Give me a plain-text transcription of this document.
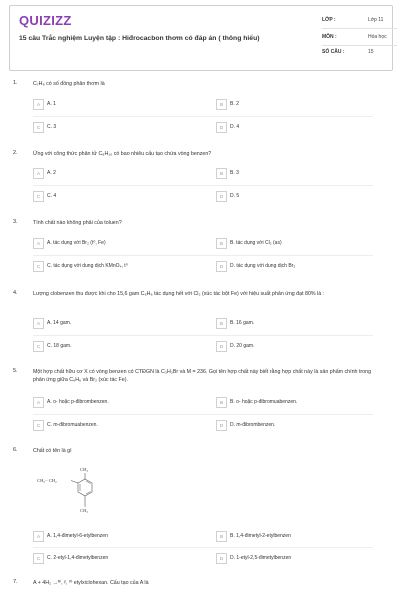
QUIZIZZ
15 câu Trắc nghiệm Luyện tập : Hiđrocacbon thơm có đáp án ( thông hiểu)
LỚP :	Lớp 11
MÔN :	Hóa học
SỐ CÂU :	15
1.	C₇H₈ có số đồng phân thơm là
A	A. 1	B	B. 2
C	C. 3	D	D. 4
2.	Ứng với công thức phân tử C₈H₁₀ có bao nhiêu cấu tạo chứa vòng benzen?
A	A. 2	B	B. 3
C	C. 4	D	D. 5
3.	Tính chất nào không phải của toluen?
A	A. tác dụng với Br₂ (t⁰, Fe)	B	B. tác dụng với Cl₂ (as)
C	C. tác dụng với dung dịch KMnO₄, t⁰	D	D. tác dụng với dung dịch Br₂
4.	Lượng clobenzen thu được khi cho 15,6 gam C₆H₆ tác dụng hết với Cl₂ (xúc tác bột Fe) với hiệu suất phản ứng đạt 80% là :
A	A. 14 gam.	B	B. 16 gam.
C	C. 18 gam.	D	D. 20 gam.
5.	Một hợp chất hữu cơ X có vòng benzen có CTĐGN là C₃H₂Br và M = 236. Gọi tên hợp chất này biết rằng hợp chất này là sản phẩm chính trong phản ứng giữa C₆H₆ và Br₂ (xúc tác Fe).
A	A. o- hoặc p-đibrombenzen.	B	B. o- hoặc p-đibromuabenzen.
C	C. m-đibromuabenzen.	D	D. m-đibrombenzen.
6.	Chất có tên là gì
CH₃
CH₃− CH₂
CH₃
A	A. 1,4-đimetyl-6-etylbenzen	B	B. 1,4-đimetyl-2-etylbenzen
C	C. 2-etyl-1,4-đimetylbenzen	D	D. 1-etyl-2,5-đimetylbenzen
7.	A + 4H₂ →ᴺⁱ, ᵖ, ᵗ⁰ etylxiclohexan. Cấu tạo của A là
